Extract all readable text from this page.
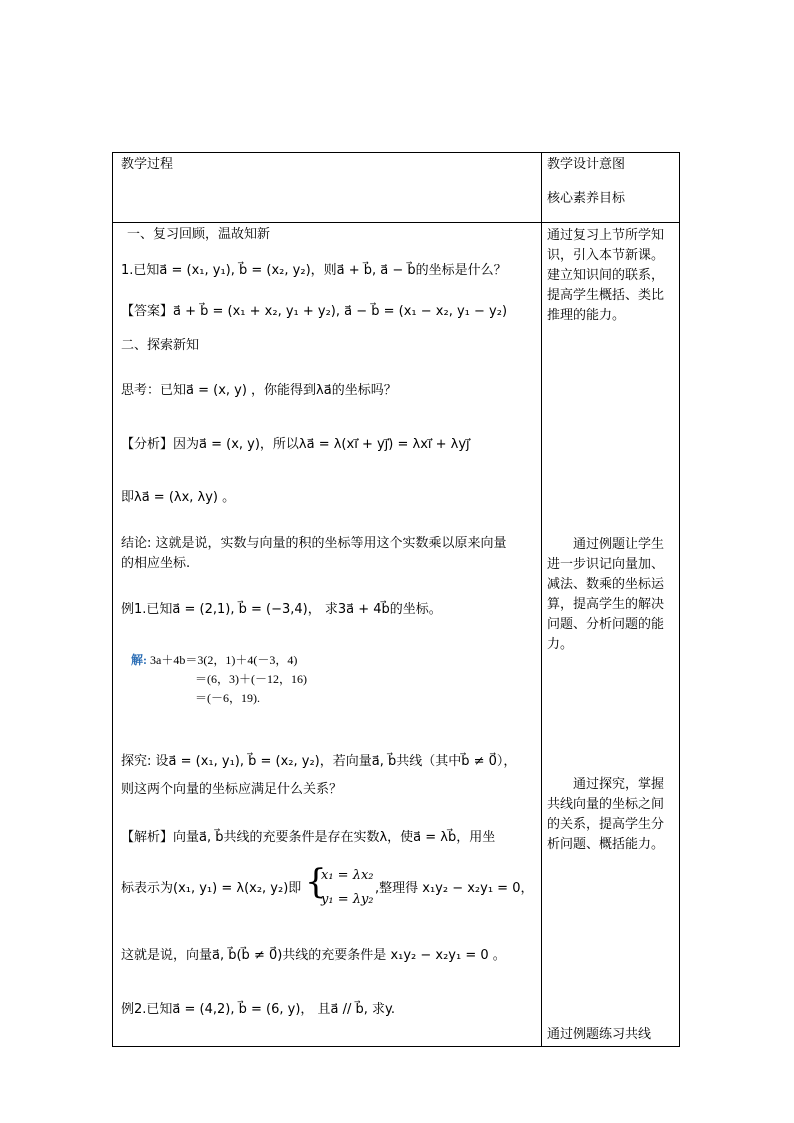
教学过程	教学设计意图
核心素养目标
一、复习回顾，温故知新
1.已知a⃗ = (x₁, y₁), b⃗ = (x₂, y₂)，则a⃗ + b⃗, a⃗ − b⃗的坐标是什么？
【答案】a⃗ + b⃗ = (x₁ + x₂, y₁ + y₂), a⃗ − b⃗ = (x₁ − x₂, y₁ − y₂)
二、探索新知
思考：已知a⃗ = (x, y) ，你能得到λa⃗的坐标吗？
【分析】因为a⃗ = (x, y)，所以λa⃗ = λ(xi⃗ + yj⃗) = λxi⃗ + λyj⃗
即λa⃗ = (λx, λy) 。
结论: 这就是说，实数与向量的积的坐标等用这个实数乘以原来向量
的相应坐标.
例1.已知a⃗ = (2,1), b⃗ = (−3,4)， 求3a⃗ + 4b⃗的坐标。
解: 3a＋4b＝3(2，1)＋4(－3，4)
＝(6，3)＋(－12，16)
＝(－6，19).
探究: 设a⃗ = (x₁, y₁), b⃗ = (x₂, y₂)，若向量a⃗, b⃗共线（其中b⃗ ≠ 0⃗），
则这两个向量的坐标应满足什么关系？
【解析】向量a⃗, b⃗共线的充要条件是存在实数λ，使a⃗ = λb⃗，用坐
标表示为(x₁, y₁) = λ(x₂, y₂)即 {
x₁ = λx₂
y₁ = λy₂
,整理得 x₁y₂ − x₂y₁ = 0，
这就是说，向量a⃗, b⃗(b⃗ ≠ 0⃗)共线的充要条件是 x₁y₂ − x₂y₁ = 0 。
例2.已知a⃗ = (4,2), b⃗ = (6, y)， 且a⃗ // b⃗, 求y.
通过复习上节所学知识，引入本节新课。建立知识间的联系，提高学生概括、类比推理的能力。
通过例题让学生进一步识记向量加、减法、数乘的坐标运算，提高学生的解决问题、分析问题的能力。
通过探究，掌握共线向量的坐标之间的关系，提高学生分析问题、概括能力。
通过例题练习共线
